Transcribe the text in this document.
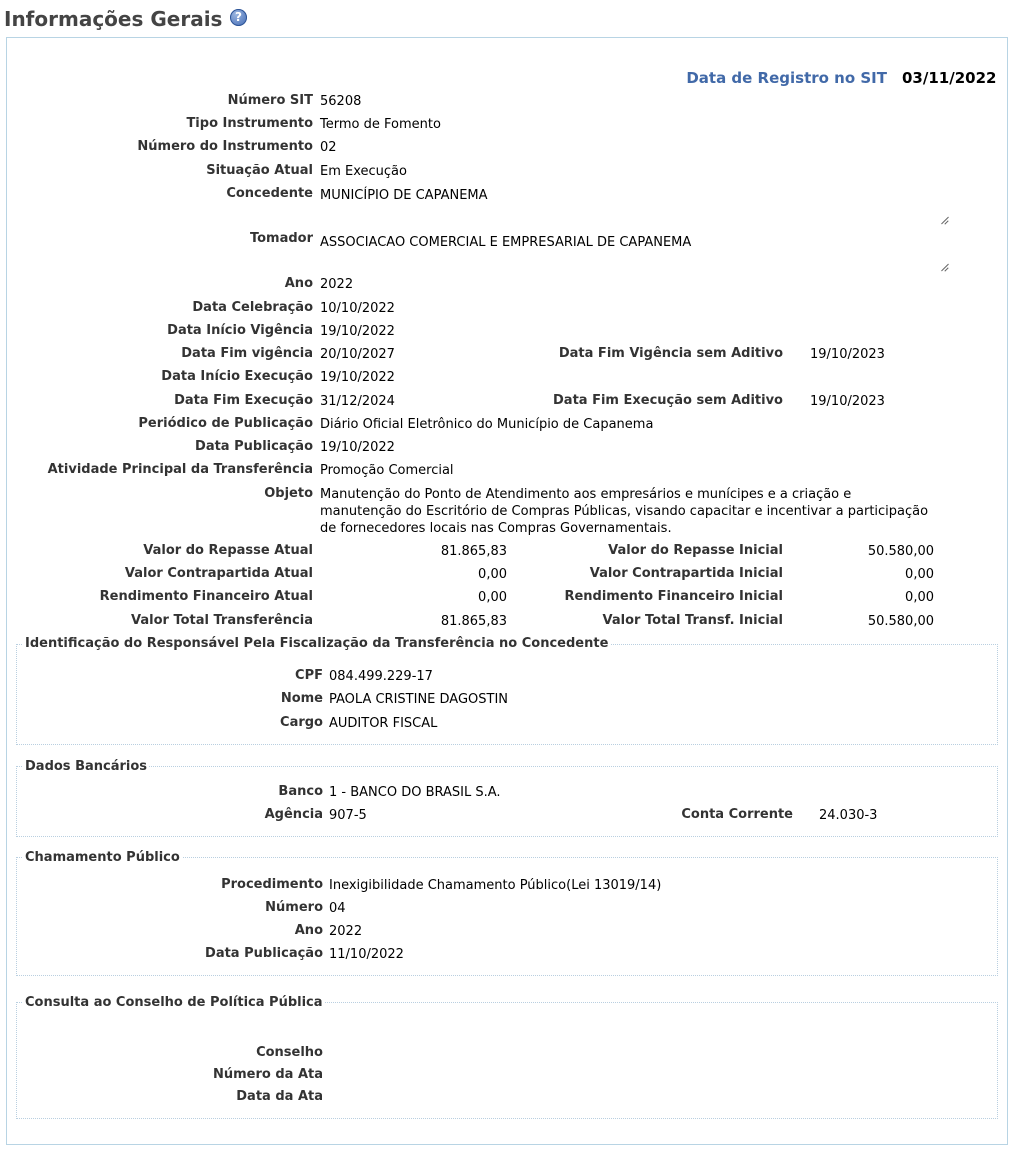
Informações Gerais	?
Data de Registro no SIT 03/11/2022
Número SIT 56208
Tipo Instrumento Termo de Fomento
Número do Instrumento 02
Situação Atual Em Execução
Concedente MUNICÍPIO DE CAPANEMA
Tomador ASSOCIACAO COMERCIAL E EMPRESARIAL DE CAPANEMA
Ano 2022
Data Celebração 10/10/2022
Data Início Vigência 19/10/2022
Data Fim vigência 20/10/2027	Data Fim Vigência sem Aditivo 19/10/2023
Data Início Execução 19/10/2022
Data Fim Execução 31/12/2024	Data Fim Execução sem Aditivo 19/10/2023
Periódico de Publicação Diário Oficial Eletrônico do Município de Capanema
Data Publicação 19/10/2022
Atividade Principal da Transferência Promoção Comercial
Objeto Manutenção do Ponto de Atendimento aos empresários e munícipes e a criação e
manutenção do Escritório de Compras Públicas, visando capacitar e incentivar a participação
de fornecedores locais nas Compras Governamentais.
Valor do Repasse Atual	81.865,83	Valor do Repasse Inicial	50.580,00
Valor Contrapartida Atual	0,00	Valor Contrapartida Inicial	0,00
Rendimento Financeiro Atual	0,00	Rendimento Financeiro Inicial	0,00
Valor Total Transferência	81.865,83	Valor Total Transf. Inicial	50.580,00
Identificação do Responsável Pela Fiscalização da Transferência no Concedente
CPF 084.499.229-17
Nome PAOLA CRISTINE DAGOSTIN
Cargo AUDITOR FISCAL
Dados Bancários
Banco 1 - BANCO DO BRASIL S.A.
Agência 907-5	Conta Corrente 24.030-3
Chamamento Público
Procedimento Inexigibilidade Chamamento Público(Lei 13019/14)
Número 04
Ano 2022
Data Publicação 11/10/2022
Consulta ao Conselho de Política Pública
Conselho
Número da Ata
Data da Ata
